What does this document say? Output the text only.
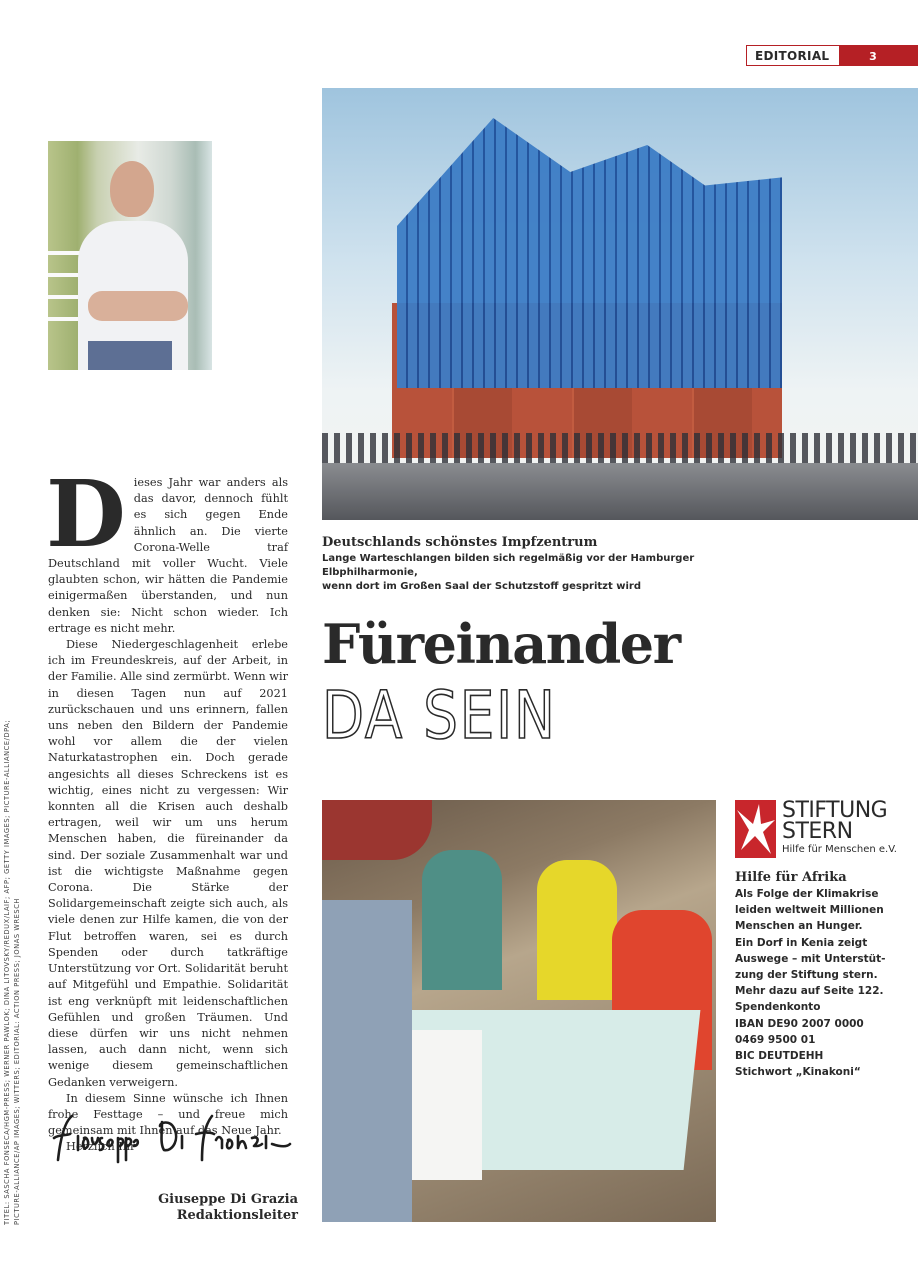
EDITORIAL	3
Deutschlands schönstes Impfzentrum
Lange Warteschlangen bilden sich regelmäßig vor der Hamburger Elbphilharmonie,
wenn dort im Großen Saal der Schutzstoff gespritzt wird
Füreinander
DA SEIN

Dieses Jahr war anders als das davor, dennoch fühlt es sich gegen Ende ähnlich an. Die vierte Corona-Welle traf Deutschland mit voller Wucht. Viele glaubten schon, wir hätten die Pandemie einigermaßen überstanden, und nun denken sie: Nicht schon wieder. Ich ertrage es nicht mehr.

Diese Niedergeschlagenheit erlebe ich im Freundeskreis, auf der Arbeit, in der Familie. Alle sind zermürbt. Wenn wir in diesen Tagen nun auf 2021 zurückschauen und uns erinnern, fallen uns neben den Bildern der Pandemie wohl vor allem die der vielen Naturkatastrophen ein. Doch gerade angesichts all dieses Schreckens ist es wichtig, eines nicht zu vergessen: Wir konnten all die Krisen auch deshalb ertragen, weil wir um uns herum Menschen haben, die füreinander da sind. Der soziale Zusammenhalt war und ist die wichtigste Maßnahme gegen Corona. Die Stärke der Solidargemeinschaft zeigte sich auch, als viele denen zur Hilfe kamen, die von der Flut betroffen waren, sei es durch Spenden oder durch tatkräftige Unterstützung vor Ort. Solidarität beruht auf Mitgefühl und Empathie. Solidarität ist eng verknüpft mit leidenschaftlichen Gefühlen und großen Träumen. Und diese dürfen wir uns nicht nehmen lassen, auch dann nicht, wenn sich wenige diesem gemeinschaftlichen Gedanken verweigern.

In diesem Sinne wünsche ich Ihnen frohe Festtage – und freue mich gemeinsam mit Ihnen auf das Neue Jahr.

Herzlich Ihr

Giuseppe Di Grazia
Redaktionsleiter
TITEL: SASCHA FONSECA/HGM-PRESS; WERNER PAWLOK; DINA LITOVSKY/REDUX/LAIF; AFP; GETTY IMAGES; PICTURE-ALLIANCE/DPA; PICTURE-ALLIANCE/AP IMAGES; WITTERS; EDITORIAL: ACTION PRESS; JONAS WRESCH
STIFTUNG
STERN
Hilfe für Menschen e.V.
Hilfe für Afrika
Als Folge der Klimakrise
leiden weltweit Millionen
Menschen an Hunger.
Ein Dorf in Kenia zeigt
Auswege – mit Unterstüt-
zung der Stiftung stern.
Mehr dazu auf Seite 122.
Spendenkonto
IBAN DE90 2007 0000
0469 9500 01
BIC DEUTDEHH
Stichwort „Kinakoni“
